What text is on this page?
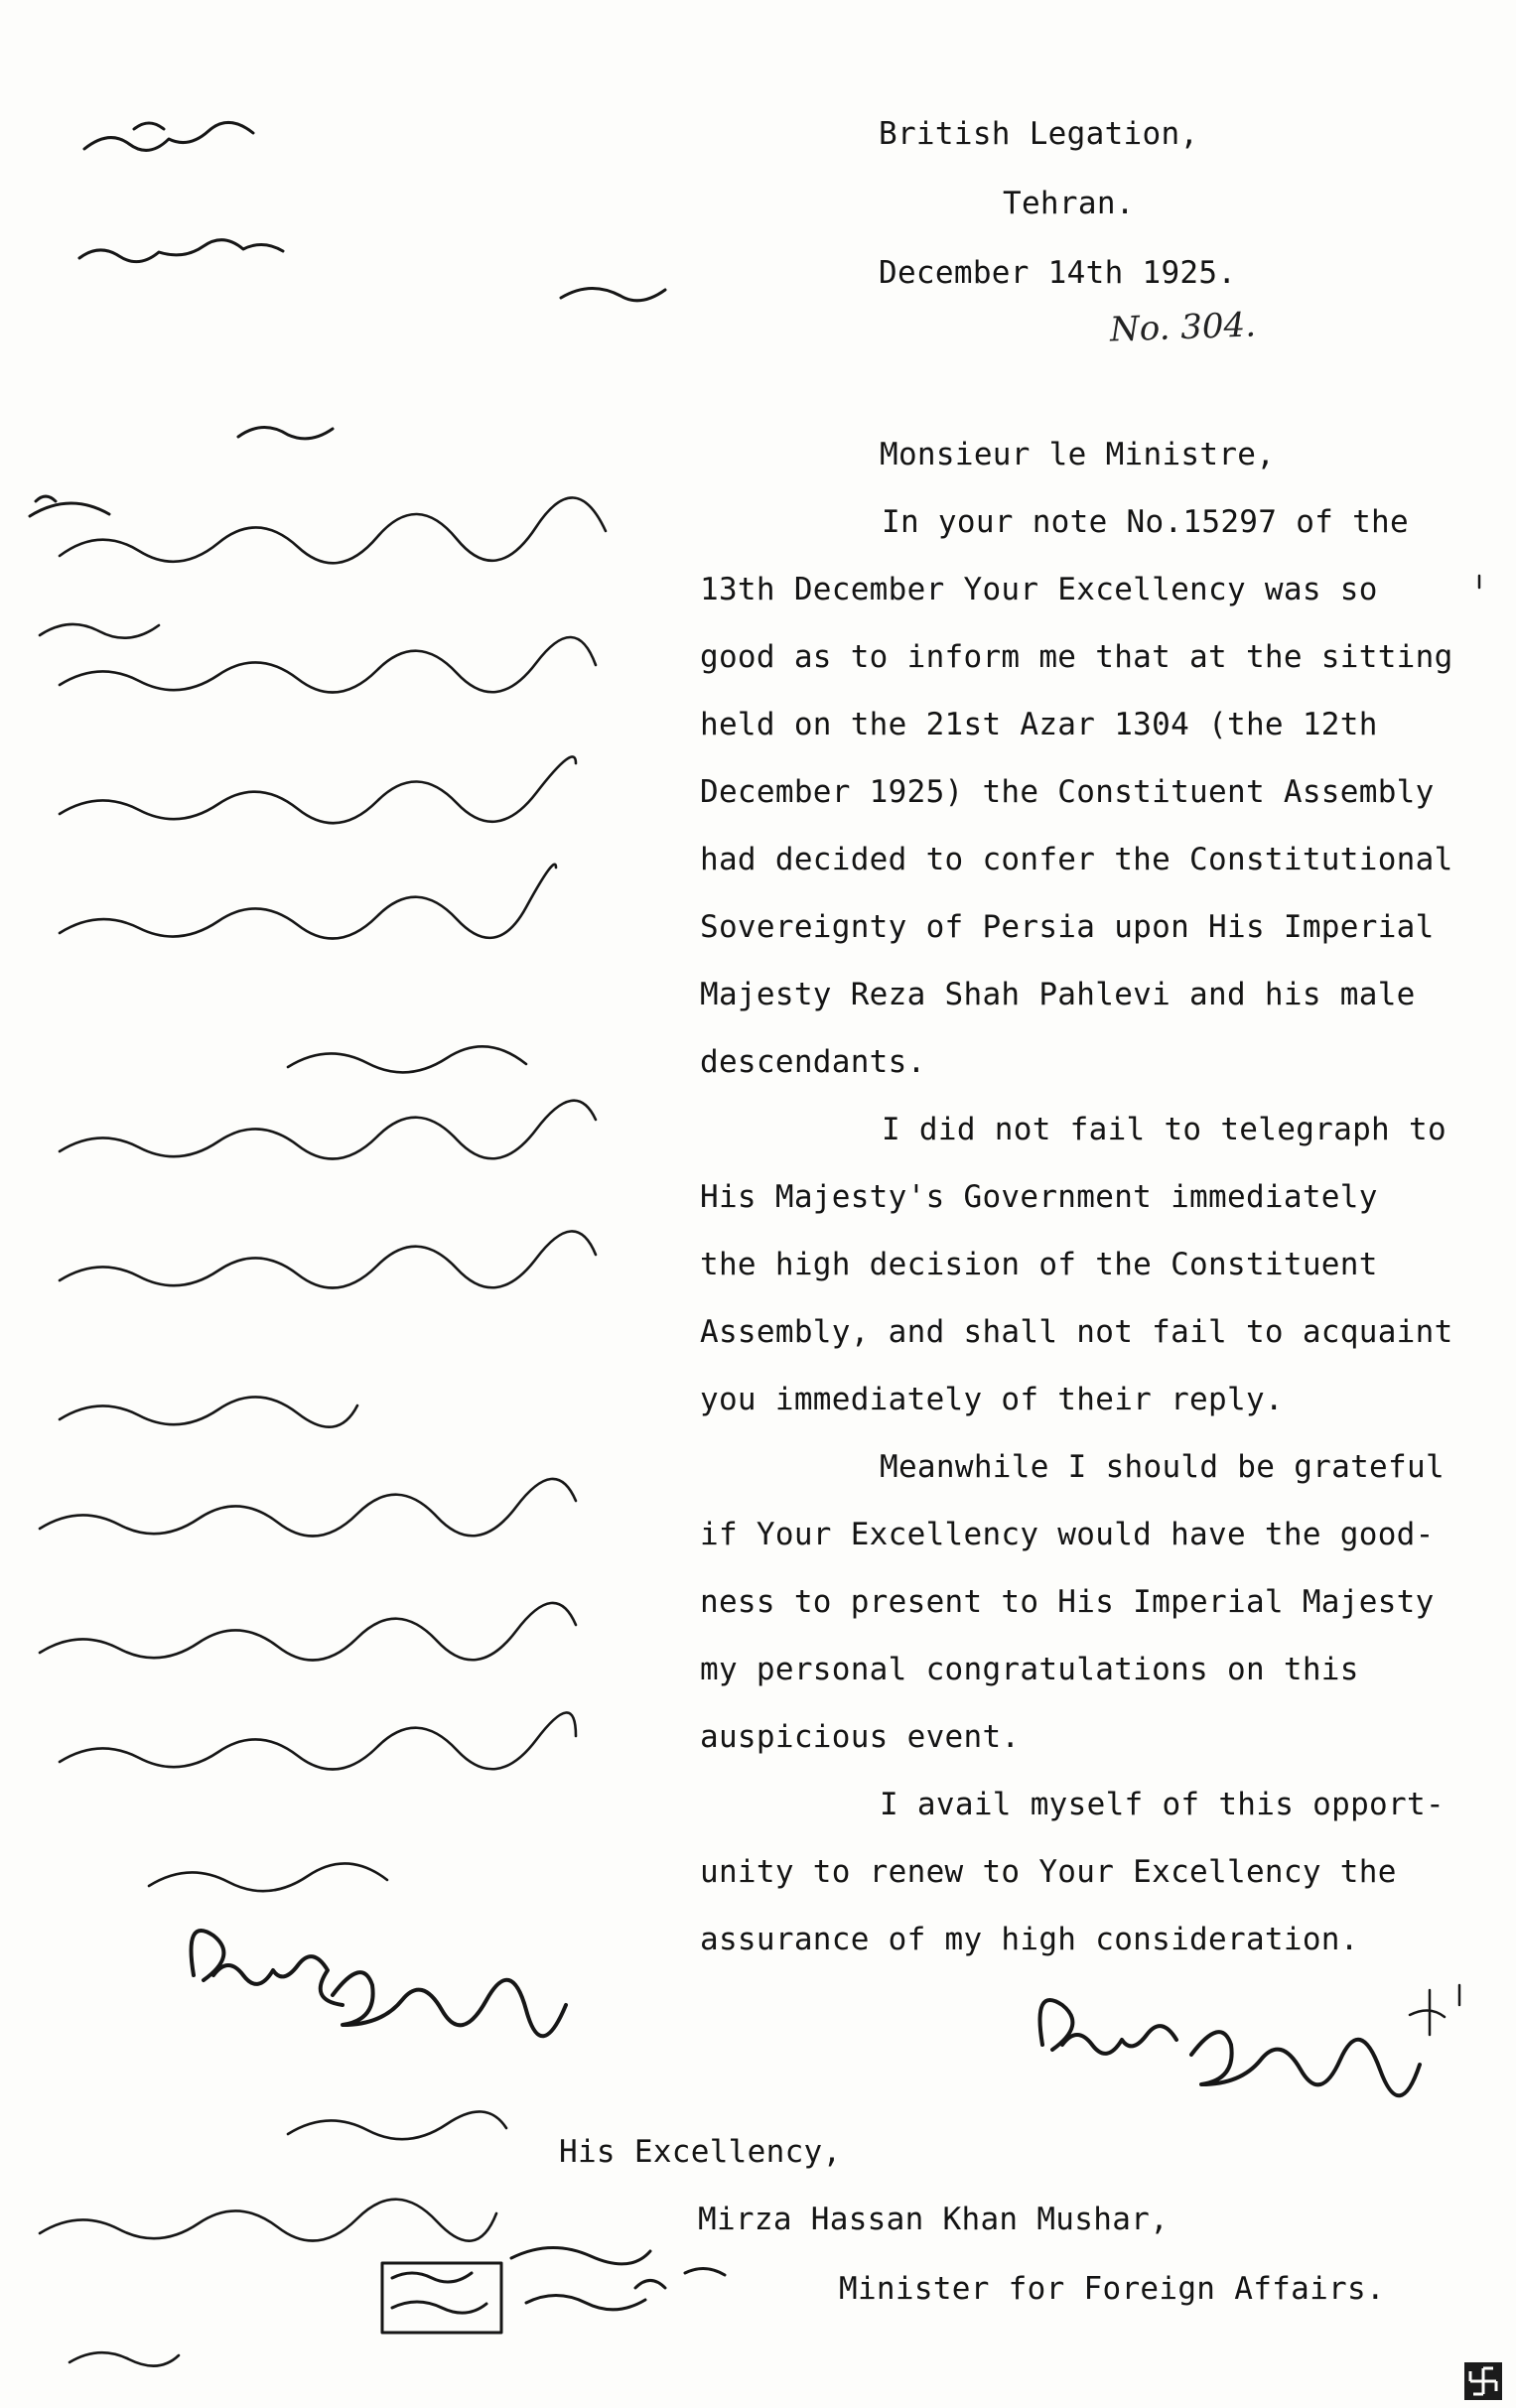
British Legation,
Tehran.
December 14th 1925.
No. 304.
Monsieur le Ministre,
In your note No.15297 of the
13th December Your Excellency was so
good as to inform me that at the sitting
held on the 21st Azar 1304 (the 12th
December 1925) the Constituent Assembly
had decided to confer the Constitutional
Sovereignty of Persia upon His Imperial
Majesty Reza Shah Pahlevi and his male
descendants.
I did not fail to telegraph to
His Majesty's Government immediately
the high decision of the Constituent
Assembly, and shall not fail to acquaint
you immediately of their reply.
Meanwhile I should be grateful
if Your Excellency would have the good-
ness to present to His Imperial Majesty
my personal congratulations on this
auspicious event.
I avail myself of this opport-
unity to renew to Your Excellency the
assurance of my high consideration.
His Excellency,
Mirza Hassan Khan Mushar,
Minister for Foreign Affairs.
